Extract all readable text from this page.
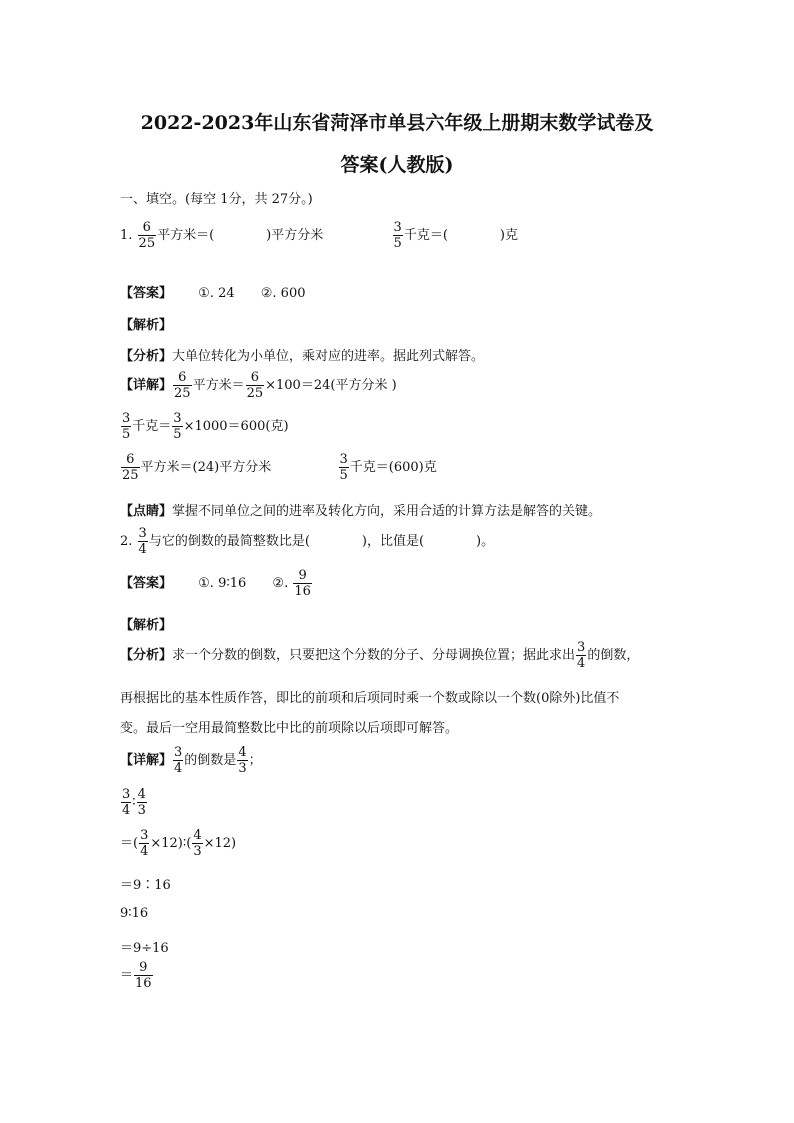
2022-2023年山东省菏泽市单县六年级上册期末数学试卷及
答案(人教版)
一、填空。(每空 1分，共 27分。)
1. $\frac{6}{25}$ 平方米＝(　　　　)平方分米	$\frac{3}{5}$ 千克＝(　　　　)克
【答案】 ①. 24 ②. 600
【解析】
【分析】大单位转化为小单位，乘对应的进率。据此列式解答。
【详解】 $\frac{6}{25}$ 平方米＝ $\frac{6}{25} \times 100=24$(平方分米 )
$\frac{3}{5}$ 千克＝ $\frac{3}{5} \times 1000=600$(克)
$\frac{6}{25}$ 平方米＝(24)平方分米	$\frac{3}{5}$ 千克＝(600)克
【点睛】掌握不同单位之间的进率及转化方向，采用合适的计算方法是解答的关键。
2. $\frac{3}{4}$ 与它的倒数的最简整数比是(　　　　)，比值是(　　　　)。
【答案】 ①. 9∶16 ②. $\frac{9}{16}$
【解析】
【分析】求一个分数的倒数，只要把这个分数的分子、分母调换位置；据此求出 $\frac{3}{4}$ 的倒数，
再根据比的基本性质作答，即比的前项和后项同时乘一个数或除以一个数(0除外)比值不
变。最后一空用最简整数比中比的前项除以后项即可解答。
【详解】 $\frac{3}{4}$ 的倒数是 $\frac{4}{3}$ ；
$\frac{3}{4}$ ∶ $\frac{4}{3}$
＝( $\frac{3}{4}$ ×12)∶( $\frac{4}{3} \times 12$)
＝9∶16
9∶16
＝9÷16
＝ $\frac{9}{16}$
